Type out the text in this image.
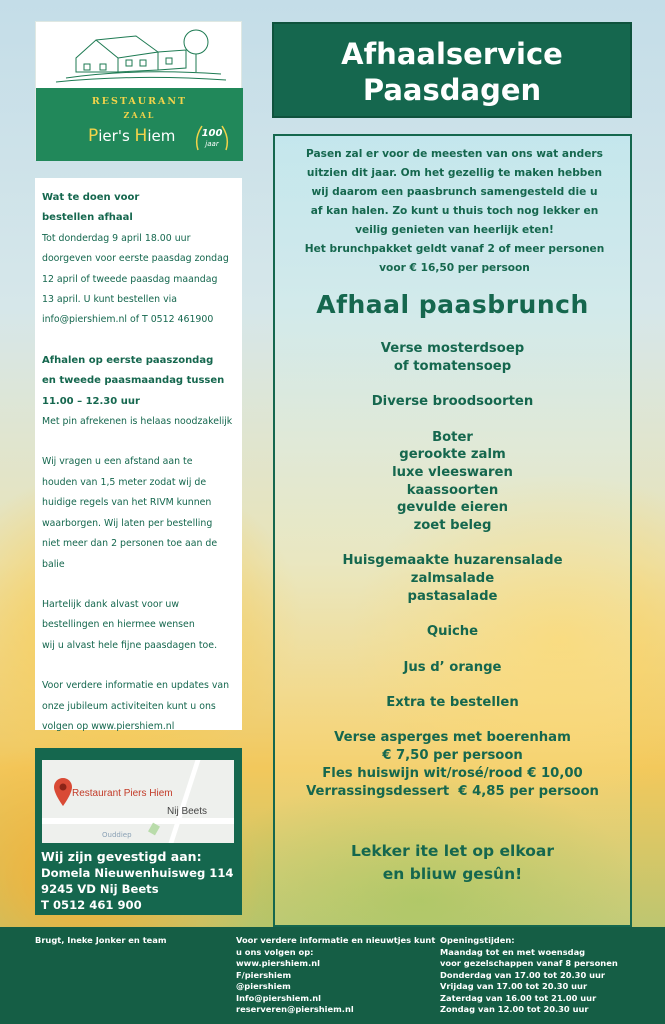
RESTAURANT
ZAAL
Pier's Hiem	100
jaar

Wat te doen voor
bestellen afhaal

Tot donderdag 9 april 18.00 uur
doorgeven voor eerste paasdag zondag
12 april of tweede paasdag maandag
13 april. U kunt bestellen via
info@piershiem.nl of T 0512 461900

Afhalen op eerste paaszondag
en tweede paasmaandag tussen
11.00 – 12.30 uur

Met pin afrekenen is helaas noodzakelijk

Wij vragen u een afstand aan te
houden van 1,5 meter zodat wij de
huidige regels van het RIVM kunnen
waarborgen. Wij laten per bestelling
niet meer dan 2 personen toe aan de
balie

Hartelijk dank alvast voor uw
bestellingen en hiermee wensen
wij u alvast hele fijne paasdagen toe.

Voor verdere informatie en updates van
onze jubileum activiteiten kunt u ons
volgen op www.piershiem.nl

Restaurant Piers Hiem
Nij Beets
Ouddiep
Wij zijn gevestigd aan:
Domela Nieuwenhuisweg 114
9245 VD Nij Beets
T 0512 461 900
Afhaalservice
Paasdagen
Pasen zal er voor de meesten van ons wat anders
uitzien dit jaar. Om het gezellig te maken hebben
wij daarom een paasbrunch samengesteld die u
af kan halen. Zo kunt u thuis toch nog lekker en
veilig genieten van heerlijk eten!
Het brunchpakket geldt vanaf 2 of meer personen
voor € 16,50 per persoon
Afhaal paasbrunch
Verse mosterdsoep
of tomatensoep

Diverse broodsoorten

Boter
gerookte zalm
luxe vleeswaren
kaassoorten
gevulde eieren
zoet beleg

Huisgemaakte huzarensalade
zalmsalade
pastasalade

Quiche

Jus d’ orange

Extra te bestellen

Verse asperges met boerenham
€ 7,50 per persoon
Fles huiswijn wit/rosé/rood € 10,00
Verrassingsdessert  € 4,85 per persoon
Lekker ite let op elkoar
en bliuw gesûn!
Brugt, Ineke Jonker en team	Voor verdere informatie en nieuwtjes kunt
u ons volgen op:
www.piershiem.nl
F/piershiem
@piershiem
Info@piershiem.nl
reserveren@piershiem.nl
Openingstijden:
Maandag tot en met woensdag
voor gezelschappen vanaf 8 personen
Donderdag van 17.00 tot 20.30 uur
Vrijdag van 17.00 tot 20.30 uur
Zaterdag van 16.00 tot 21.00 uur
Zondag van 12.00 tot 20.30 uur
